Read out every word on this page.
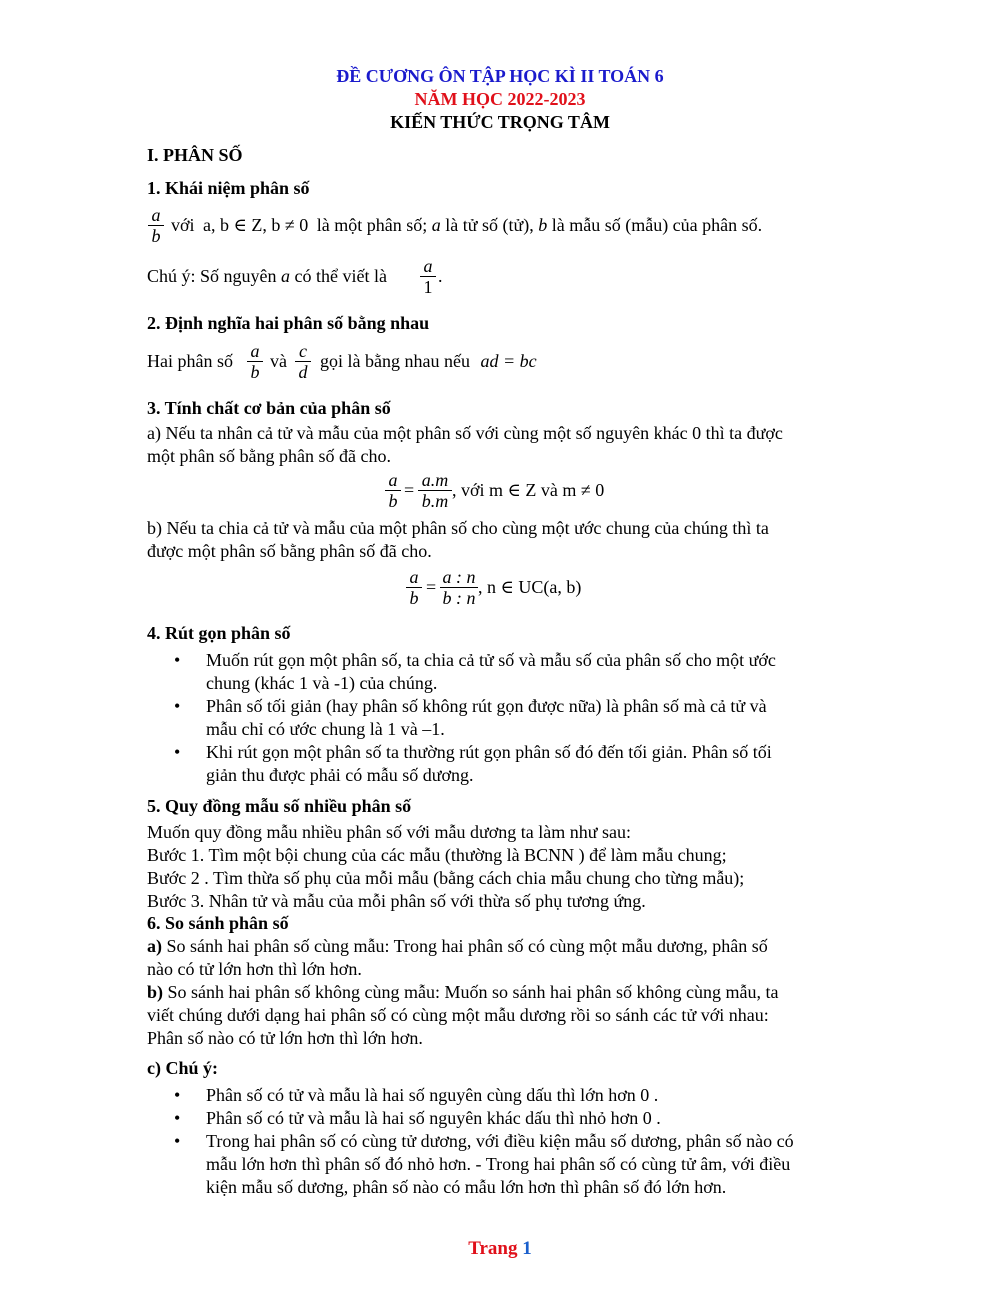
ĐỀ CƯƠNG ÔN TẬP HỌC KÌ II TOÁN 6
NĂM HỌC 2022-2023
KIẾN THỨC TRỌNG TÂM
I. PHÂN SỐ
1. Khái niệm phân số
a
b
với a, b ∈ Z, b ≠ 0 là một phân số; a là tử số (tử), b là mẫu số (mẫu) của phân số.
Chú ý: Số nguyên a có thể viết là a
1
.
2. Định nghĩa hai phân số bằng nhau
Hai phân số a
b
và c
d
gọi là bằng nhau nếu ad = bc
3. Tính chất cơ bản của phân số
a) Nếu ta nhân cả tử và mẫu của một phân số với cùng một số nguyên khác 0 thì ta được
một phân số bằng phân số đã cho.
a
b
= a.m
b.m
, với m ∈ Z và m ≠ 0
b) Nếu ta chia cả tử và mẫu của một phân số cho cùng một ước chung của chúng thì ta
được một phân số bằng phân số đã cho.
a
b
= a : n
b : n
, n ∈ UC(a, b)
4. Rút gọn phân số
• Muốn rút gọn một phân số, ta chia cả tử số và mẫu số của phân số cho một ước
chung (khác 1 và -1) của chúng.
• Phân số tối giản (hay phân số không rút gọn được nữa) là phân số mà cả tử và
mẫu chỉ có ước chung là 1 và –1.
• Khi rút gọn một phân số ta thường rút gọn phân số đó đến tối giản. Phân số tối
giản thu được phải có mẫu số dương.
5. Quy đồng mẫu số nhiều phân số
Muốn quy đồng mẫu nhiều phân số với mẫu dương ta làm như sau:
Bước 1. Tìm một bội chung của các mẫu (thường là BCNN ) để làm mẫu chung;
Bước 2 . Tìm thừa số phụ của mỗi mẫu (bằng cách chia mẫu chung cho từng mẫu);
Bước 3. Nhân tử và mẫu của mỗi phân số với thừa số phụ tương ứng.
6. So sánh phân số
a) So sánh hai phân số cùng mẫu: Trong hai phân số có cùng một mẫu dương, phân số
nào có tử lớn hơn thì lớn hơn.
b) So sánh hai phân số không cùng mẫu: Muốn so sánh hai phân số không cùng mẫu, ta
viết chúng dưới dạng hai phân số có cùng một mẫu dương rồi so sánh các tử với nhau:
Phân số nào có tử lớn hơn thì lớn hơn.
c) Chú ý:
• Phân số có tử và mẫu là hai số nguyên cùng dấu thì lớn hơn 0 .
• Phân số có tử và mẫu là hai số nguyên khác dấu thì nhỏ hơn 0 .
• Trong hai phân số có cùng tử dương, với điều kiện mẫu số dương, phân số nào có
mẫu lớn hơn thì phân số đó nhỏ hơn. - Trong hai phân số có cùng tử âm, với điều
kiện mẫu số dương, phân số nào có mẫu lớn hơn thì phân số đó lớn hơn.
Trang 1
